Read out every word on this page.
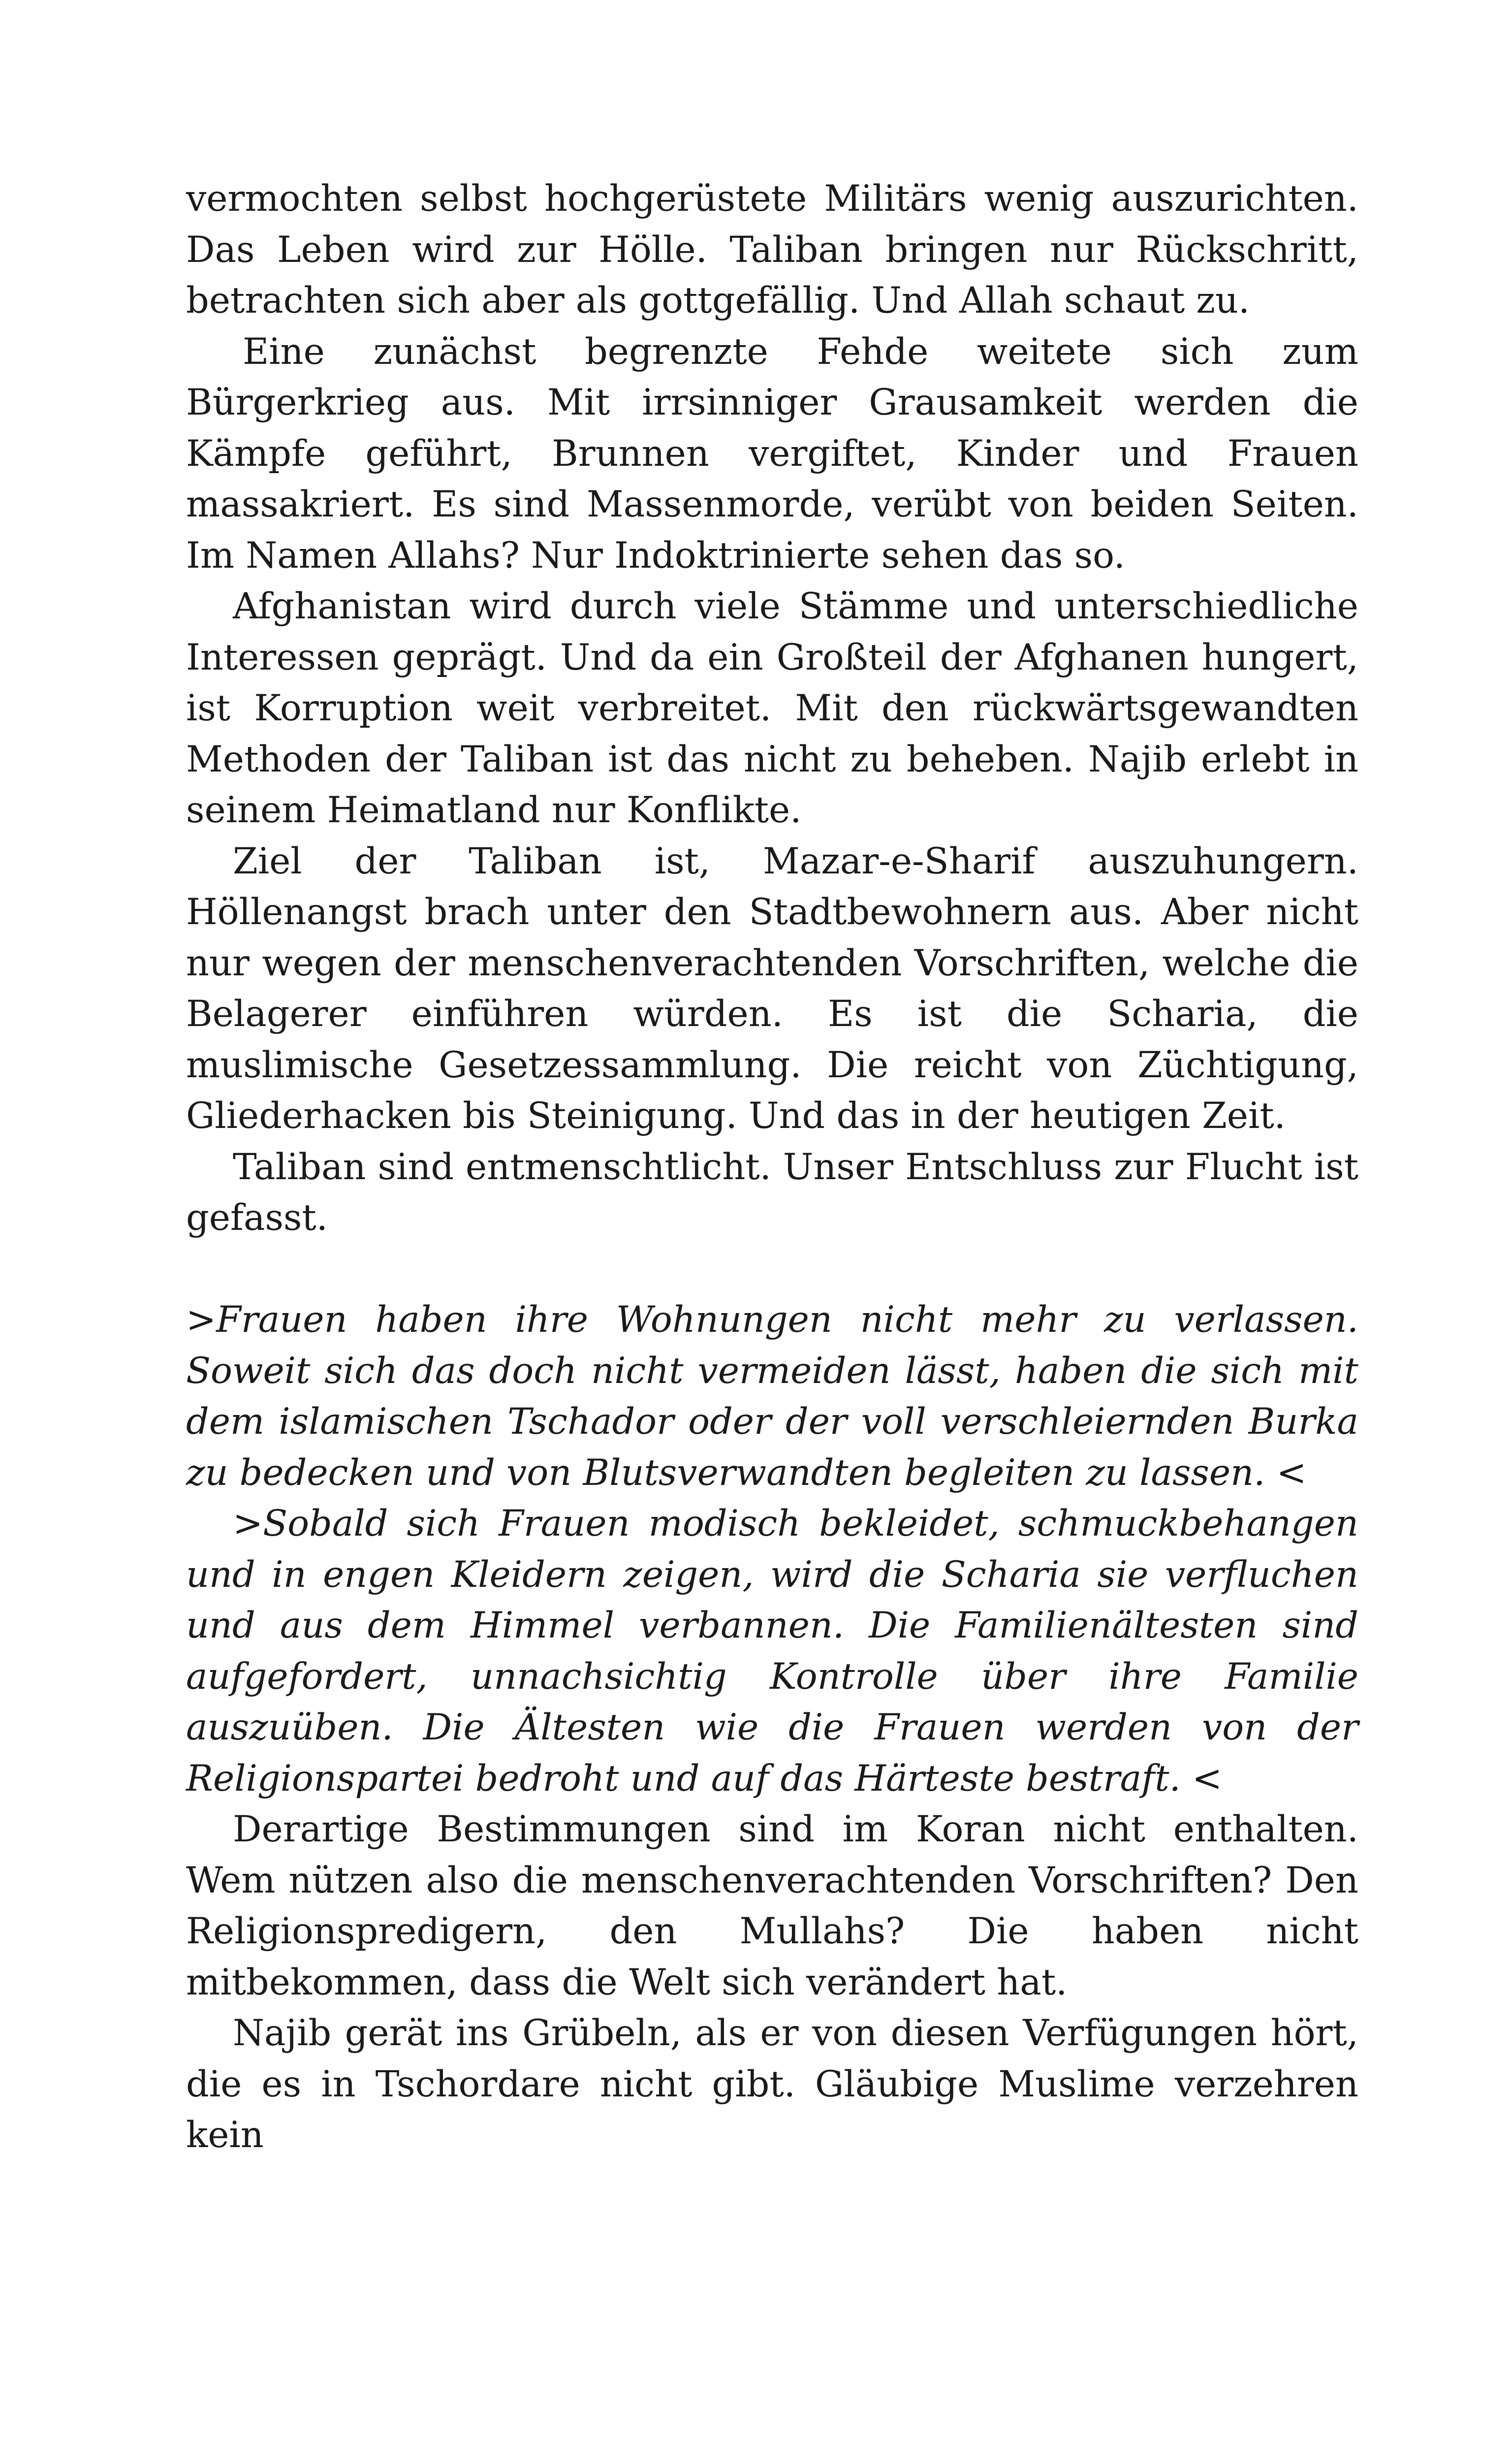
vermochten selbst hochgerüstete Militärs wenig auszurichten. Das Leben wird zur Hölle. Taliban bringen nur Rückschritt, betrachten sich aber als gottgefällig. Und Allah schaut zu.

Eine zunächst begrenzte Fehde weitete sich zum Bürgerkrieg aus. Mit irrsinniger Grausamkeit werden die Kämpfe geführt, Brunnen vergiftet, Kinder und Frauen massakriert. Es sind Massenmorde, verübt von beiden Seiten. Im Namen Allahs? Nur Indoktrinierte sehen das so.

Afghanistan wird durch viele Stämme und unterschiedliche Interessen geprägt. Und da ein Großteil der Afghanen hungert, ist Korruption weit verbreitet. Mit den rückwärtsgewandten Methoden der Taliban ist das nicht zu beheben. Najib erlebt in seinem Heimatland nur Konflikte.

Ziel der Taliban ist, Mazar-e-Sharif auszuhungern. Höllenangst brach unter den Stadtbewohnern aus. Aber nicht nur wegen der menschenverachtenden Vorschriften, welche die Belagerer einführen würden. Es ist die Scharia, die muslimische Gesetzessammlung. Die reicht von Züchtigung, Gliederhacken bis Steinigung. Und das in der heutigen Zeit.

Taliban sind entmenschtlicht. Unser Entschluss zur Flucht ist gefasst.

>Frauen haben ihre Wohnungen nicht mehr zu verlassen. Soweit sich das doch nicht vermeiden lässt, haben die sich mit dem islamischen Tschador oder der voll verschleiernden Burka zu bedecken und von Blutsverwandten begleiten zu lassen. <

>Sobald sich Frauen modisch bekleidet, schmuckbehangen und in engen Kleidern zeigen, wird die Scharia sie verfluchen und aus dem Himmel verbannen. Die Familienältesten sind aufgefordert, unnachsichtig Kontrolle über ihre Familie auszuüben. Die Ältesten wie die Frauen werden von der Religionspartei bedroht und auf das Härteste bestraft. <

Derartige Bestimmungen sind im Koran nicht enthalten. Wem nützen also die menschenverachtenden Vorschriften? Den Religionspredigern, den Mullahs? Die haben nicht mitbekommen, dass die Welt sich verändert hat.

Najib gerät ins Grübeln, als er von diesen Verfügungen hört, die es in Tschordare nicht gibt. Gläubige Muslime verzehren kein
